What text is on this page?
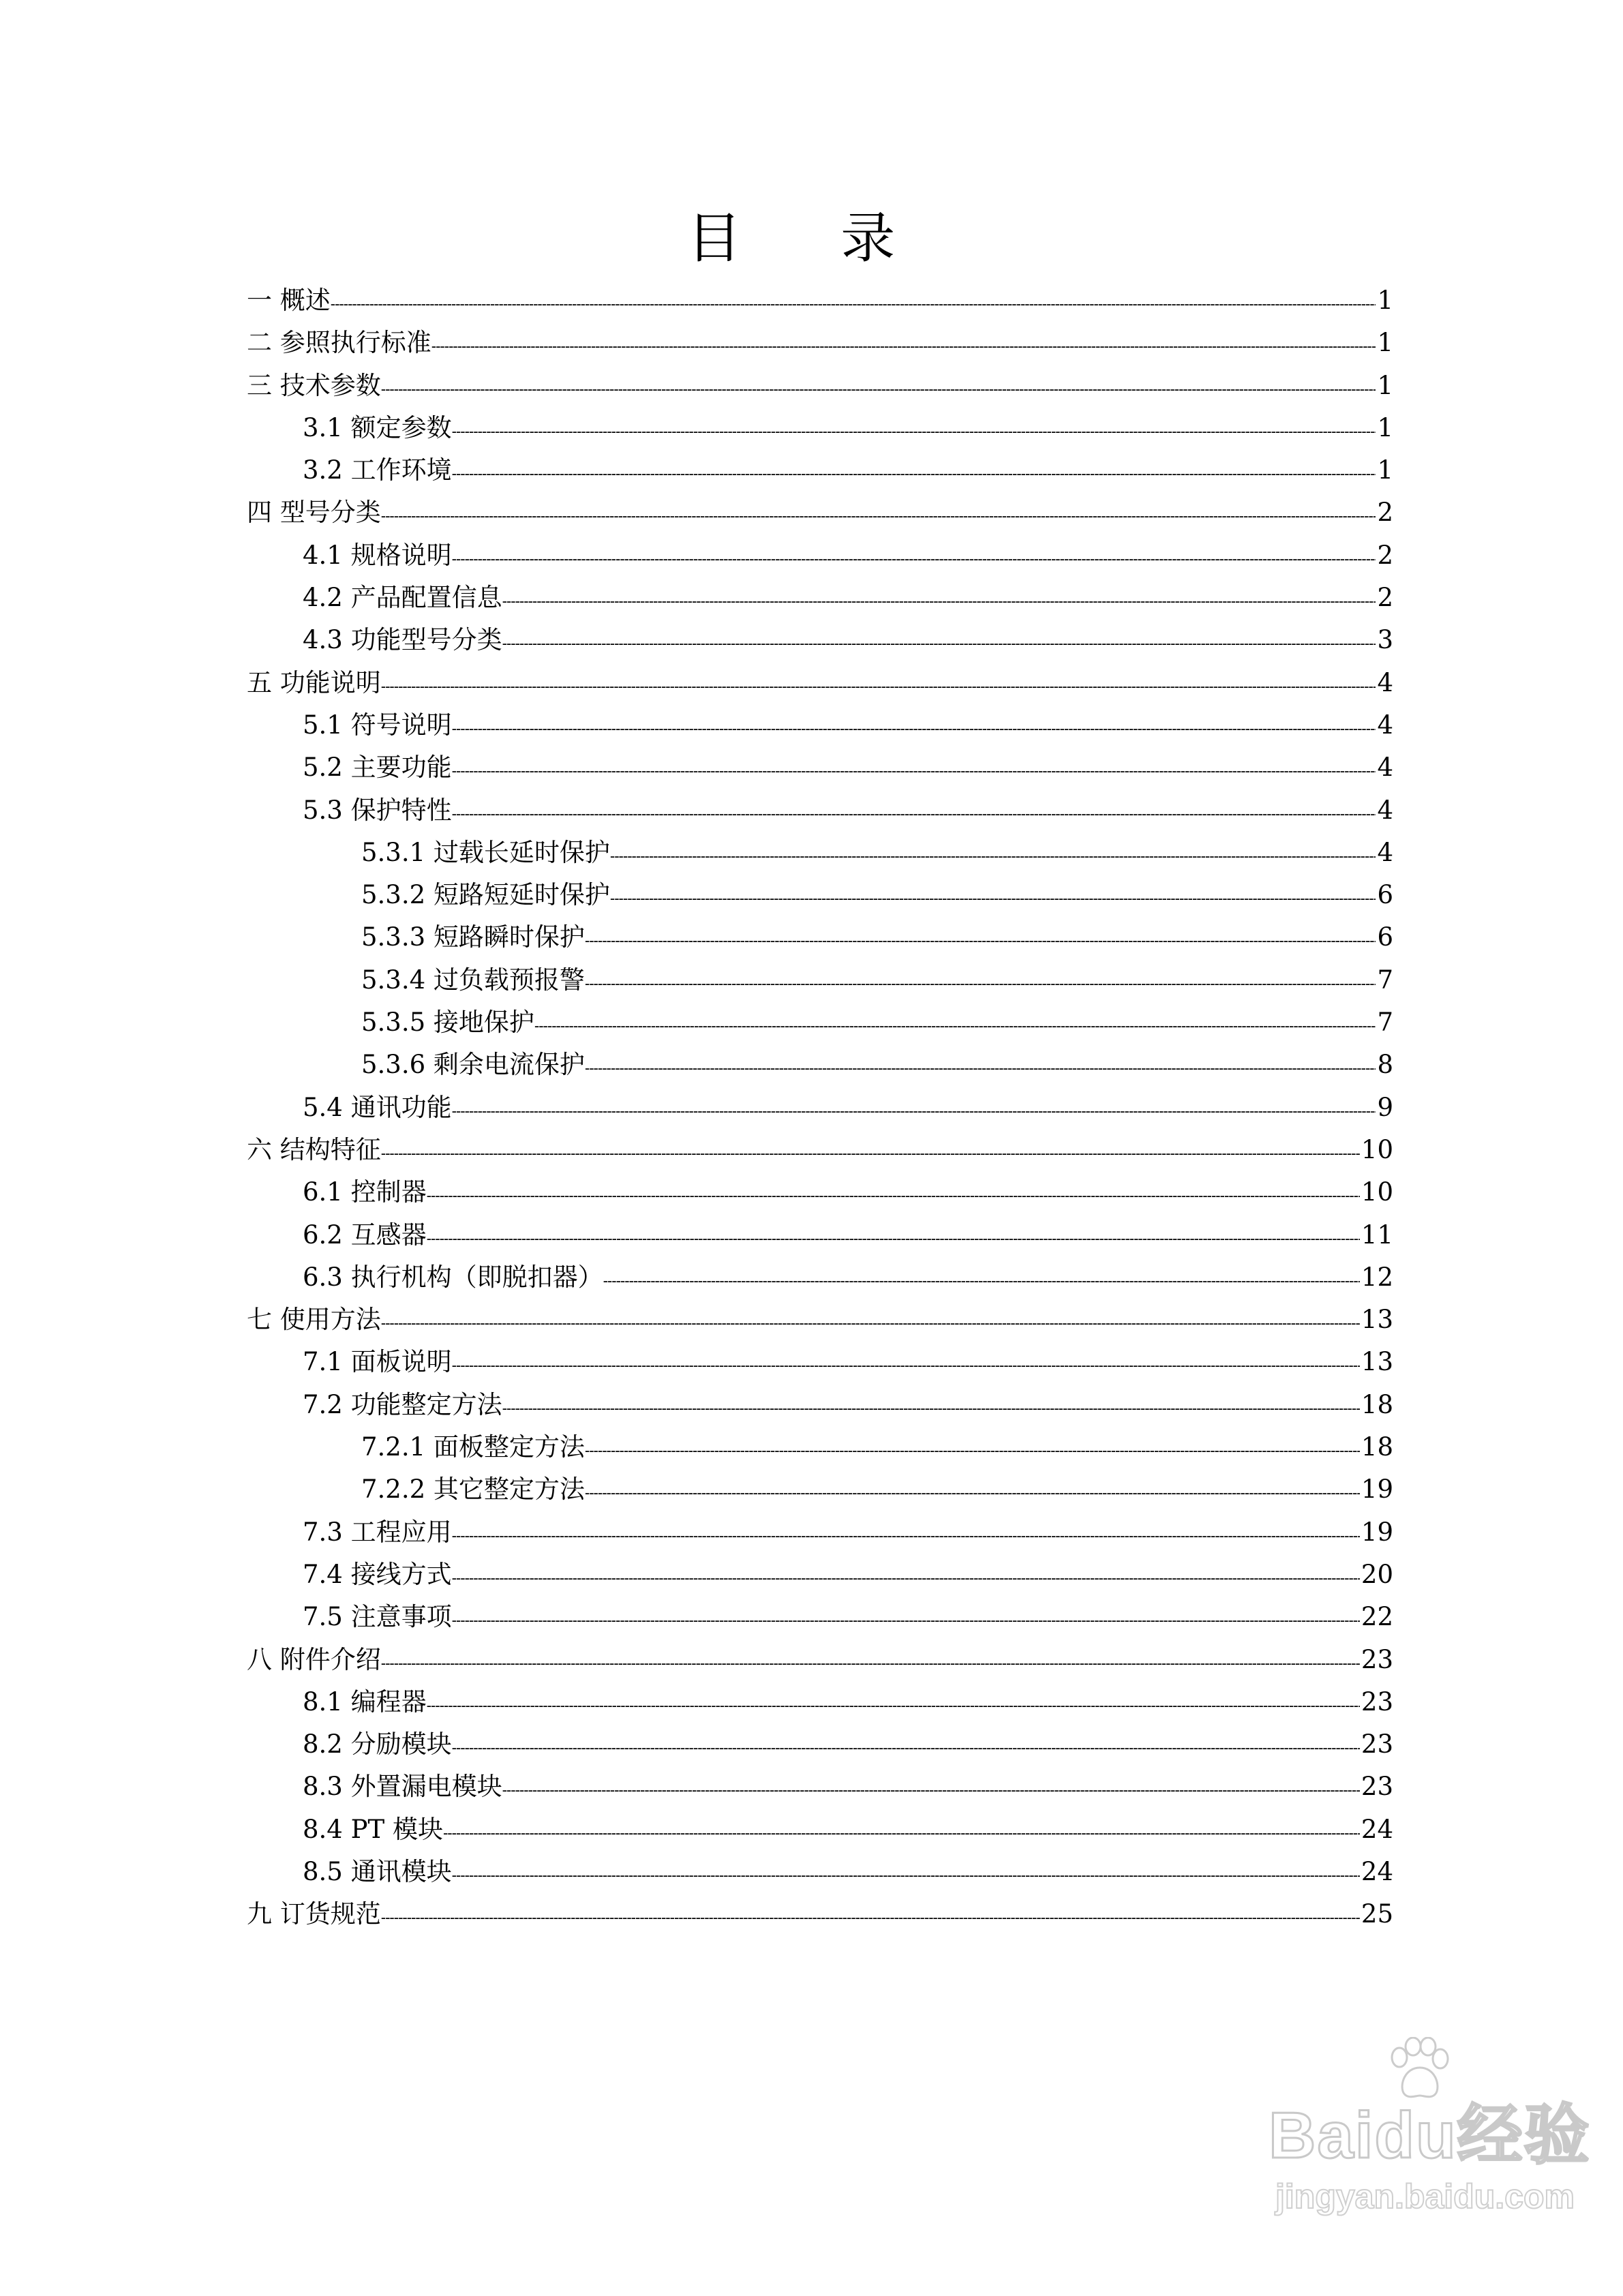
目 录
一 概述 -----	1
二 参照执行标准 -----	1
三 技术参数 -----	1
3.1 额定参数 -----	1
3.2 工作环境 -----	1
四 型号分类 -----	2
4.1 规格说明 -----	2
4.2 产品配置信息 -----	2
4.3 功能型号分类 -----	3
五 功能说明 -----	4
5.1 符号说明 -----	4
5.2 主要功能 -----	4
5.3 保护特性 -----	4
5.3.1 过载长延时保护 -----	4
5.3.2 短路短延时保护 -----	6
5.3.3 短路瞬时保护 -----	6
5.3.4 过负载预报警 -----	7
5.3.5 接地保护 -----	7
5.3.6 剩余电流保护 -----	8
5.4 通讯功能 -----	9
六 结构特征 -----	10
6.1 控制器 -----	10
6.2 互感器 -----	11
6.3 执行机构（即脱扣器） -----	12
七 使用方法 -----	13
7.1 面板说明 -----	13
7.2 功能整定方法 -----	18
7.2.1 面板整定方法 -----	18
7.2.2 其它整定方法 -----	19
7.3 工程应用 -----	19
7.4 接线方式 -----	20
7.5 注意事项 -----	22
八 附件介绍 -----	23
8.1 编程器 -----	23
8.2 分励模块 -----	23
8.3 外置漏电模块 -----	23
8.4 PT 模块 -----	24
8.5 通讯模块 -----	24
九 订货规范 -----	25
Baidu经验
jingyan.baidu.com
